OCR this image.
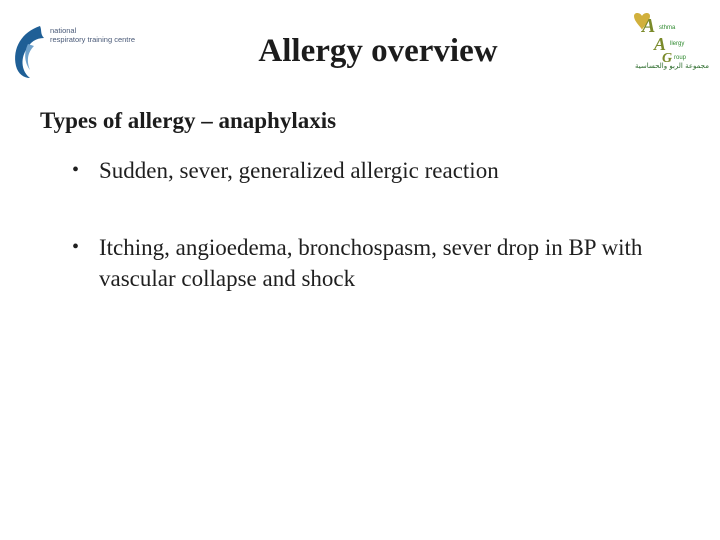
national
respiratory training centre
A
A
G
sthma
llergy
roup
مجموعة الربو والحساسية
Allergy overview
Types of allergy – anaphylaxis
• Sudden, sever, generalized allergic reaction
• Itching, angioedema, bronchospasm, sever drop in BP with vascular collapse and shock
